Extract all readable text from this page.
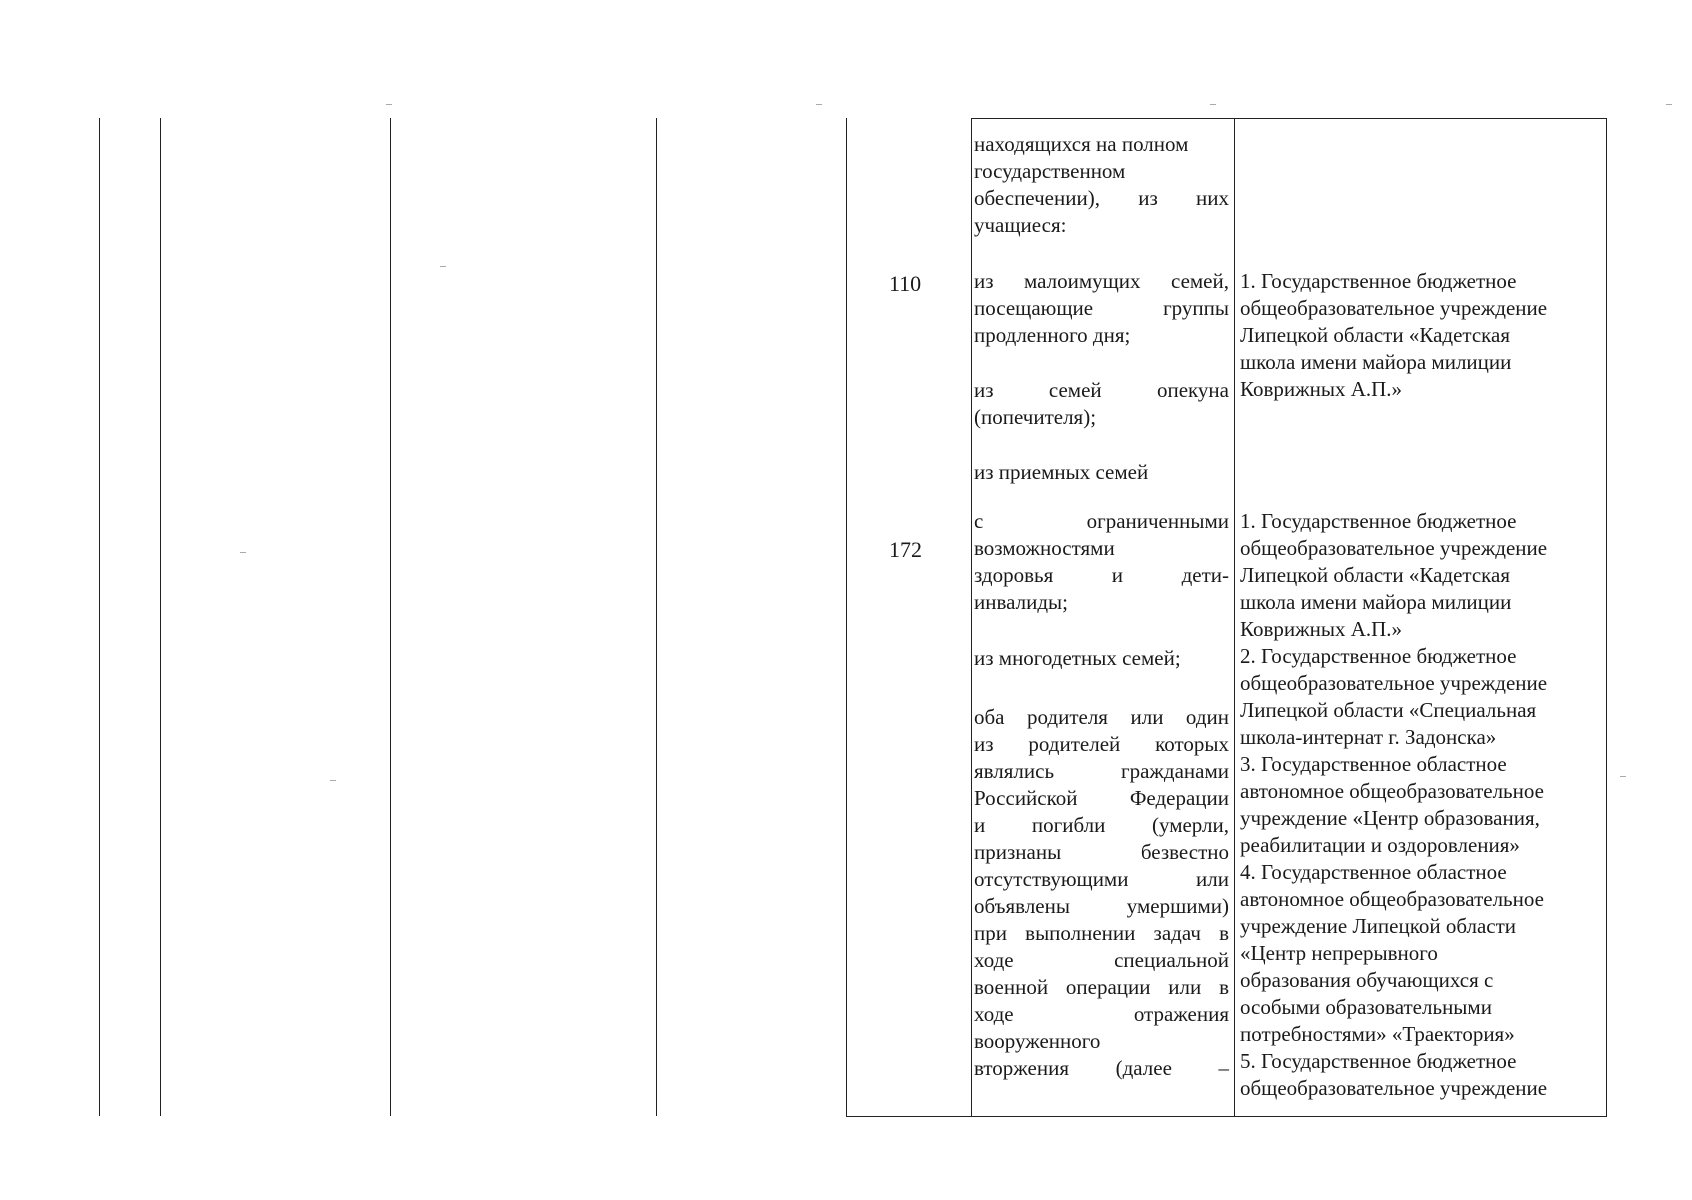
110
172
находящихся на полном
государственном
обеспечении), из них
учащиеся:
из малоимущих семей,
посещающие группы
продленного дня;
из семей опекуна
(попечителя);
из приемных семей
с ограниченными
возможностями
здоровья и дети-
инвалиды;
из многодетных семей;
оба родителя или один
из родителей которых
являлись гражданами
Российской Федерации
и погибли (умерли,
признаны безвестно
отсутствующими или
объявлены умершими)
при выполнении задач в
ходе специальной
военной операции или в
ходе отражения
вооруженного
вторжения (далее –
1. Государственное бюджетное
общеобразовательное учреждение
Липецкой области «Кадетская
школа имени майора милиции
Коврижных А.П.»
1. Государственное бюджетное
общеобразовательное учреждение
Липецкой области «Кадетская
школа имени майора милиции
Коврижных А.П.»
2. Государственное бюджетное
общеобразовательное учреждение
Липецкой области «Специальная
школа-интернат г. Задонска»
3. Государственное областное
автономное общеобразовательное
учреждение «Центр образования,
реабилитации и оздоровления»
4. Государственное областное
автономное общеобразовательное
учреждение Липецкой области
«Центр непрерывного
образования обучающихся с
особыми образовательными
потребностями» «Траектория»
5. Государственное бюджетное
общеобразовательное учреждение
